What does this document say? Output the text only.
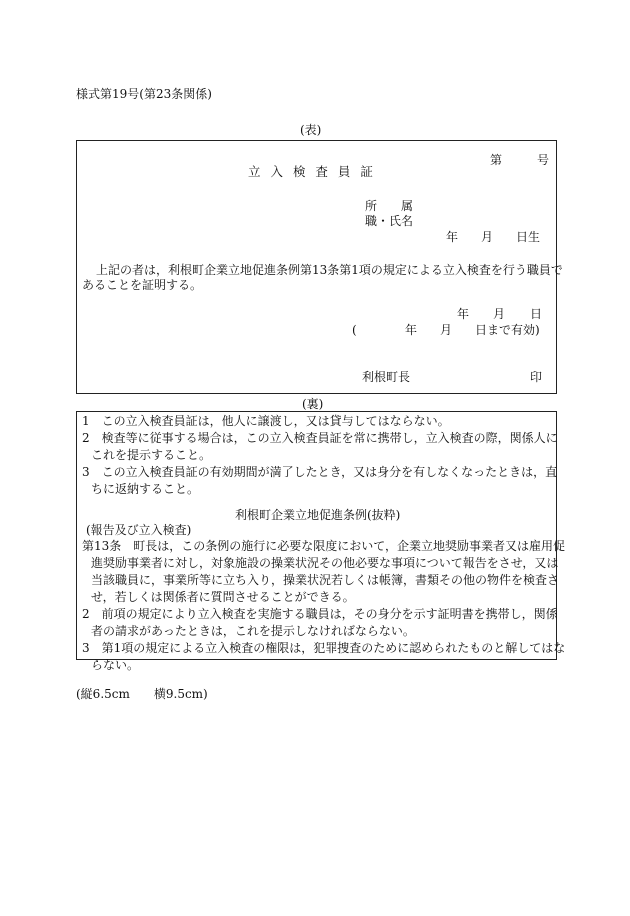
様式第19号(第23条関係)
(表)
第	号
立 入 検 査 員 証
所　　属
職・氏名
年 月 日生
上記の者は，利根町企業立地促進条例第13条第1項の規定による立入検査を行う職員で
あることを証明する。
年 月 日
(	年 月 日まで有効)
利根町長	印
(裏)
1　この立入検査員証は，他人に譲渡し，又は貸与してはならない。
2　検査等に従事する場合は，この立入検査員証を常に携帯し，立入検査の際，関係人に
これを提示すること。
3　この立入検査員証の有効期間が満了したとき，又は身分を有しなくなったときは，直
ちに返納すること。
利根町企業立地促進条例(抜粋)
(報告及び立入検査)
第13条　町長は，この条例の施行に必要な限度において，企業立地奨励事業者又は雇用促
進奨励事業者に対し，対象施設の操業状況その他必要な事項について報告をさせ，又は
当該職員に，事業所等に立ち入り，操業状況若しくは帳簿，書類その他の物件を検査さ
せ，若しくは関係者に質問させることができる。
2　前項の規定により立入検査を実施する職員は，その身分を示す証明書を携帯し，関係
者の請求があったときは，これを提示しなければならない。
3　第1項の規定による立入検査の権限は，犯罪捜査のために認められたものと解してはな
らない。
(縦6.5cm　　横9.5cm)
